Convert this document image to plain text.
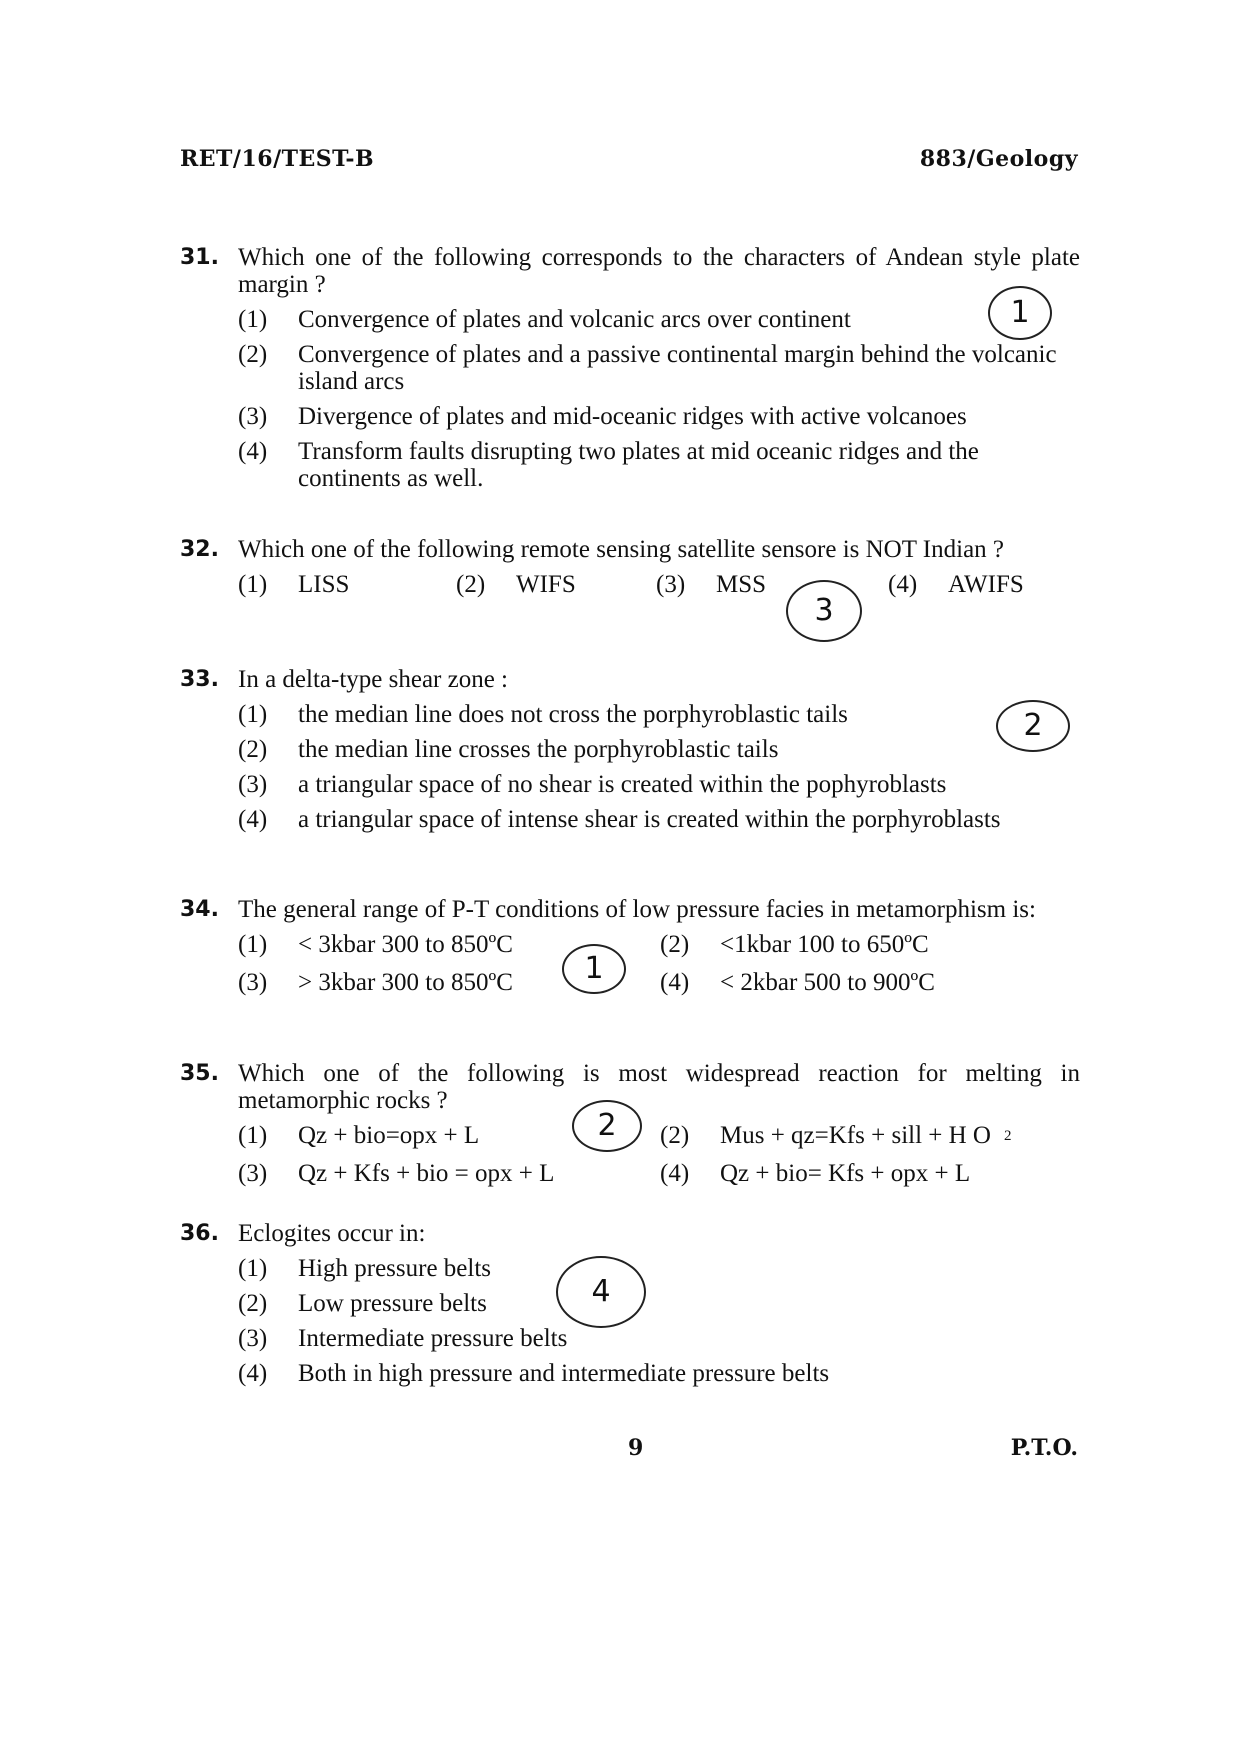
RET/16/TEST-B	883/Geology
31. Which one of the following corresponds to the characters of Andean style plate margin ?
(1) Convergence of plates and volcanic arcs over continent
(2) Convergence of plates and a passive continental margin behind the volcanic island arcs
(3) Divergence of plates and mid-oceanic ridges with active volcanoes
(4) Transform faults disrupting two plates at mid oceanic ridges and the continents as well.
1
32. Which one of the following remote sensing satellite sensore is NOT Indian ?
(1) LISS	(2) WIFS	(3) MSS	(4) AWIFS
3
33. In a delta-type shear zone :
(1) the median line does not cross the porphyroblastic tails
(2) the median line crosses the porphyroblastic tails
(3) a triangular space of no shear is created within the pophyroblasts
(4) a triangular space of intense shear is created within the porphyroblasts
2
34. The general range of P-T conditions of low pressure facies in metamorphism is:
(1) < 3kbar 300 to 850ºC	(2) <1kbar 100 to 650ºC
(3) > 3kbar 300 to 850ºC	(4) < 2kbar 500 to 900ºC
1
35. Which one of the following is most widespread reaction for melting in metamorphic rocks ?
(1) Qz + bio=opx + L	(2) Mus + qz=Kfs + sill + H O
(3) Qz + Kfs + bio = opx + L	(4) Qz + bio= Kfs + opx + L
2
2
36. Eclogites occur in:
(1) High pressure belts
(2) Low pressure belts
(3) Intermediate pressure belts
(4) Both in high pressure and intermediate pressure belts
4
9	P.T.O.
